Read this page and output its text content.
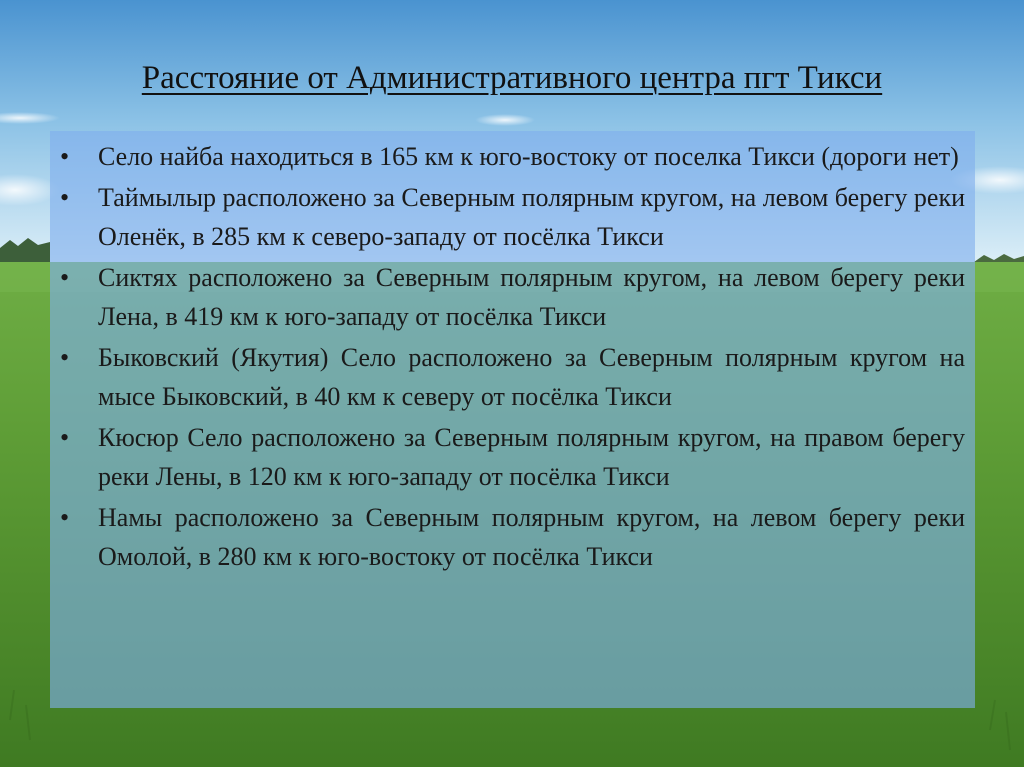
Расстояние от Административного центра пгт Тикси
• Село найба находиться в 165 км к юго-востоку от поселка Тикси (дороги нет)
• Таймылыр расположено за Северным полярным кругом, на левом берегу реки Оленёк, в 285 км к северо-западу от посёлка Тикси
• Сиктях расположено за Северным полярным кругом, на левом берегу реки Лена, в 419 км к юго-западу от посёлка Тикси
• Быковский (Якутия) Село расположено за Северным полярным кругом на мысе Быковский, в 40 км к северу от посёлка Тикси
• Кюсюр Село расположено за Северным полярным кругом, на правом берегу реки Лены, в 120 км к юго-западу от посёлка Тикси
• Намы расположено за Северным полярным кругом, на левом берегу реки Омолой, в 280 км к юго-востоку от посёлка Тикси
